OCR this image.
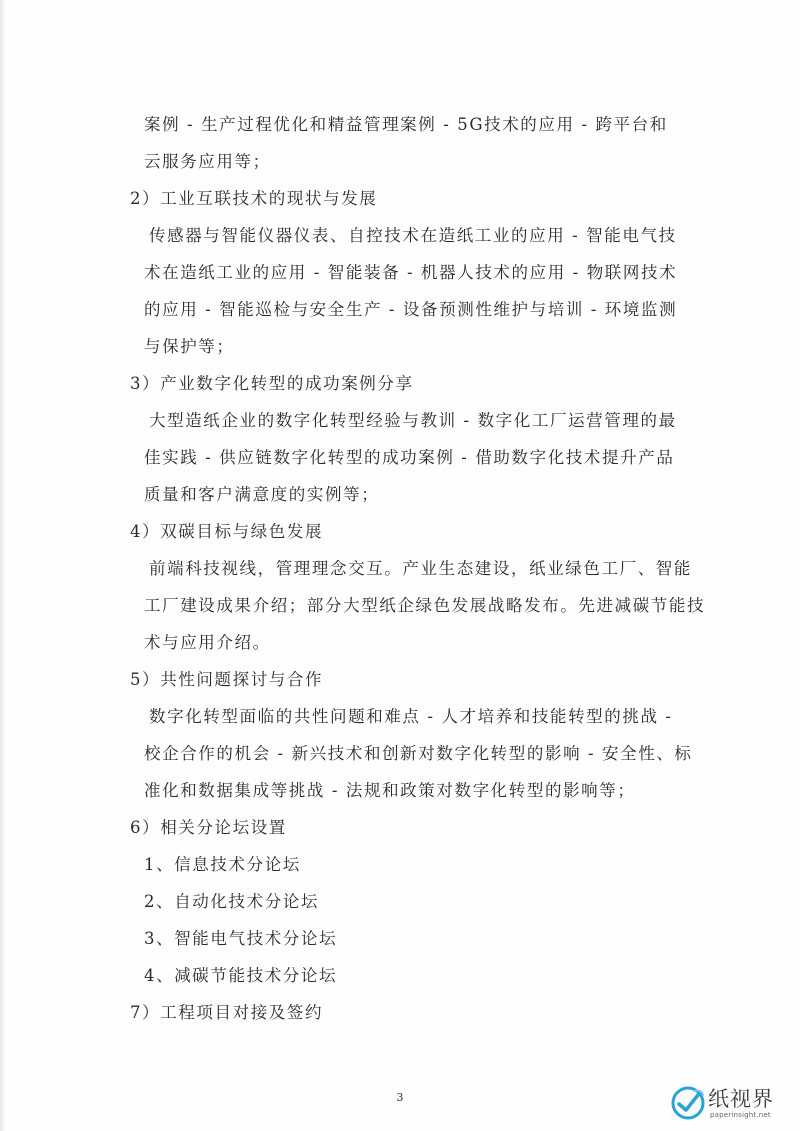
案例 - 生产过程优化和精益管理案例 - 5G技术的应用 - 跨平台和
云服务应用等；
2）工业互联技术的现状与发展
传感器与智能仪器仪表、自控技术在造纸工业的应用 - 智能电气技
术在造纸工业的应用 - 智能装备 - 机器人技术的应用 - 物联网技术
的应用 - 智能巡检与安全生产 - 设备预测性维护与培训 - 环境监测
与保护等；
3）产业数字化转型的成功案例分享
大型造纸企业的数字化转型经验与教训 - 数字化工厂运营管理的最
佳实践 - 供应链数字化转型的成功案例 - 借助数字化技术提升产品
质量和客户满意度的实例等；
4）双碳目标与绿色发展
前端科技视线，管理理念交互。产业生态建设，纸业绿色工厂、智能
工厂建设成果介绍；部分大型纸企绿色发展战略发布。先进减碳节能技
术与应用介绍。
5）共性问题探讨与合作
数字化转型面临的共性问题和难点 - 人才培养和技能转型的挑战 -
校企合作的机会 - 新兴技术和创新对数字化转型的影响 - 安全性、标
准化和数据集成等挑战 - 法规和政策对数字化转型的影响等；
6）相关分论坛设置
1、信息技术分论坛
2、自动化技术分论坛
3、智能电气技术分论坛
4、减碳节能技术分论坛
7）工程项目对接及签约
3	纸视界
paperinsight.net
